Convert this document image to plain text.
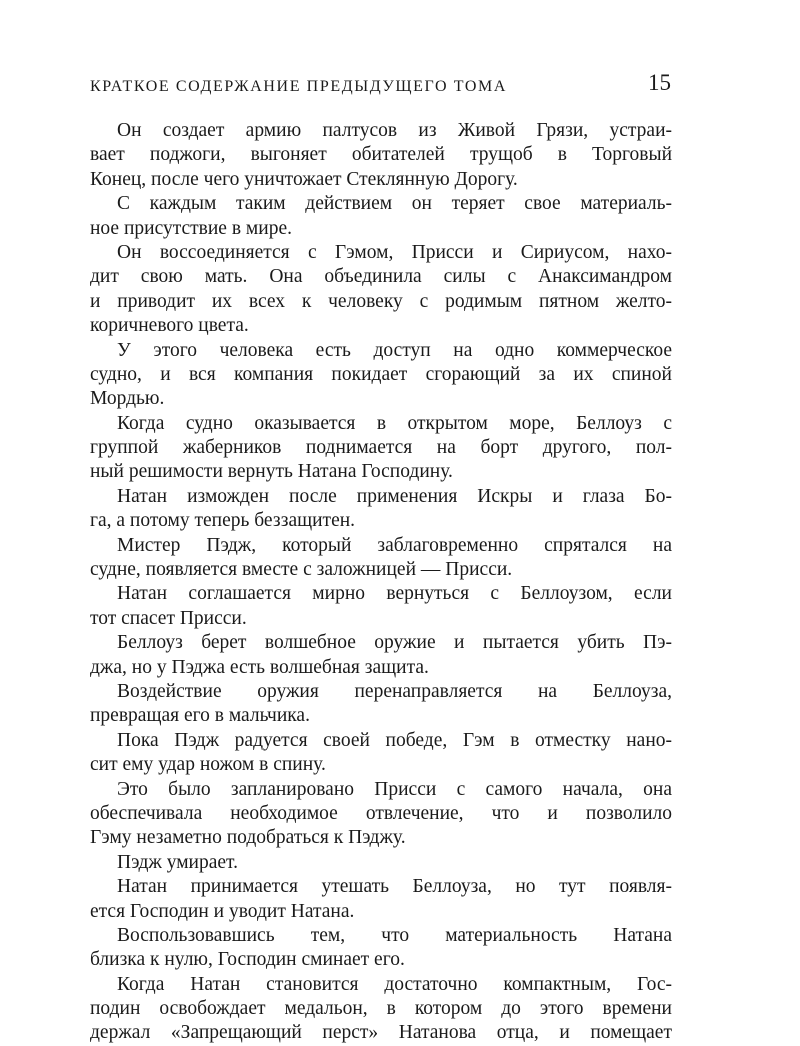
КРАТКОЕ СОДЕРЖАНИЕ ПРЕДЫДУЩЕГО ТОМА	15
Он создает армию палтусов из Живой Грязи, устраи-
вает поджоги, выгоняет обитателей трущоб в Торговый
Конец, после чего уничтожает Стеклянную Дорогу.
С каждым таким действием он теряет свое материаль-
ное присутствие в мире.
Он воссоединяется с Гэмом, Присси и Сириусом, нахо-
дит свою мать. Она объединила силы с Анаксимандром
и приводит их всех к человеку с родимым пятном желто-
коричневого цвета.
У этого человека есть доступ на одно коммерческое
судно, и вся компания покидает сгорающий за их спиной
Мордью.
Когда судно оказывается в открытом море, Беллоуз с
группой жаберников поднимается на борт другого, пол-
ный решимости вернуть Натана Господину.
Натан изможден после применения Искры и глаза Бо-
га, а потому теперь беззащитен.
Мистер Пэдж, который заблаговременно спрятался на
судне, появляется вместе с заложницей — Присси.
Натан соглашается мирно вернуться с Беллоузом, если
тот спасет Присси.
Беллоуз берет волшебное оружие и пытается убить Пэ-
джа, но у Пэджа есть волшебная защита.
Воздействие оружия перенаправляется на Беллоуза,
превращая его в мальчика.
Пока Пэдж радуется своей победе, Гэм в отместку нано-
сит ему удар ножом в спину.
Это было запланировано Присси с самого начала, она
обеспечивала необходимое отвлечение, что и позволило
Гэму незаметно подобраться к Пэджу.
Пэдж умирает.
Натан принимается утешать Беллоуза, но тут появля-
ется Господин и уводит Натана.
Воспользовавшись тем, что материальность Натана
близка к нулю, Господин сминает его.
Когда Натан становится достаточно компактным, Гос-
подин освобождает медальон, в котором до этого времени
держал «Запрещающий перст» Натанова отца, и помещает
